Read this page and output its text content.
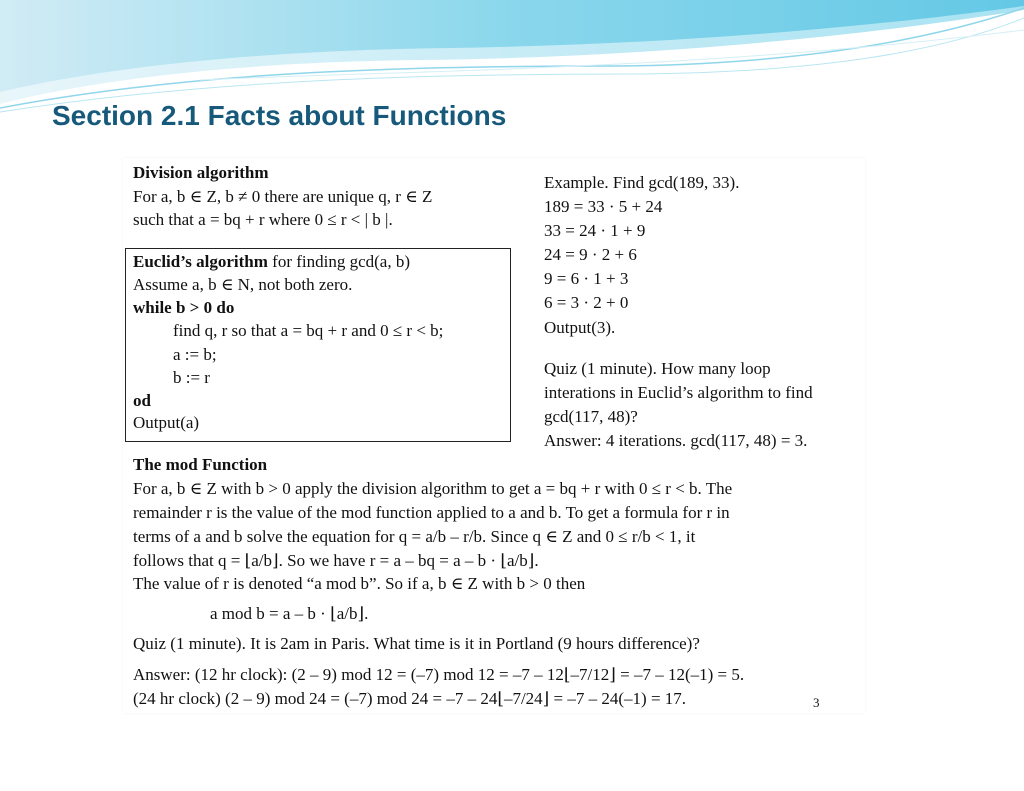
Section 2.1 Facts about Functions
Division algorithm
For a, b ∈ Z, b ≠ 0 there are unique q, r ∈ Z
such that a = bq + r where 0 ≤ r < | b |.
Euclid’s algorithm for finding gcd(a, b)
Assume a, b ∈ N, not both zero.
while b > 0 do
find q, r so that a = bq + r and 0 ≤ r < b;
a := b;
b := r
od
Output(a)
Example. Find gcd(189, 33).
189 = 33 · 5 + 24
33 = 24 · 1 + 9
24 = 9 · 2 + 6
9 = 6 · 1 + 3
6 = 3 · 2 + 0
Output(3).
Quiz (1 minute). How many loop
interations in Euclid’s algorithm to find
gcd(117, 48)?
Answer: 4 iterations. gcd(117, 48) = 3.
The mod Function
For a, b ∈ Z with b > 0 apply the division algorithm to get a = bq + r with 0 ≤ r < b. The
remainder r is the value of the mod function applied to a and b. To get a formula for r in
terms of a and b solve the equation for q = a/b – r/b. Since q ∈ Z and 0 ≤ r/b < 1, it
follows that q = ⌊a/b⌋. So we have r = a – bq = a – b · ⌊a/b⌋.
The value of r is denoted “a mod b”. So if a, b ∈ Z with b > 0 then
a mod b = a – b · ⌊a/b⌋.
Quiz (1 minute). It is 2am in Paris. What time is it in Portland (9 hours difference)?
Answer: (12 hr clock): (2 – 9) mod 12 = (–7) mod 12 = –7 – 12⌊–7/12⌋ = –7 – 12(–1) = 5.
(24 hr clock) (2 – 9) mod 24 = (–7) mod 24 = –7 – 24⌊–7/24⌋ = –7 – 24(–1) = 17.	3
